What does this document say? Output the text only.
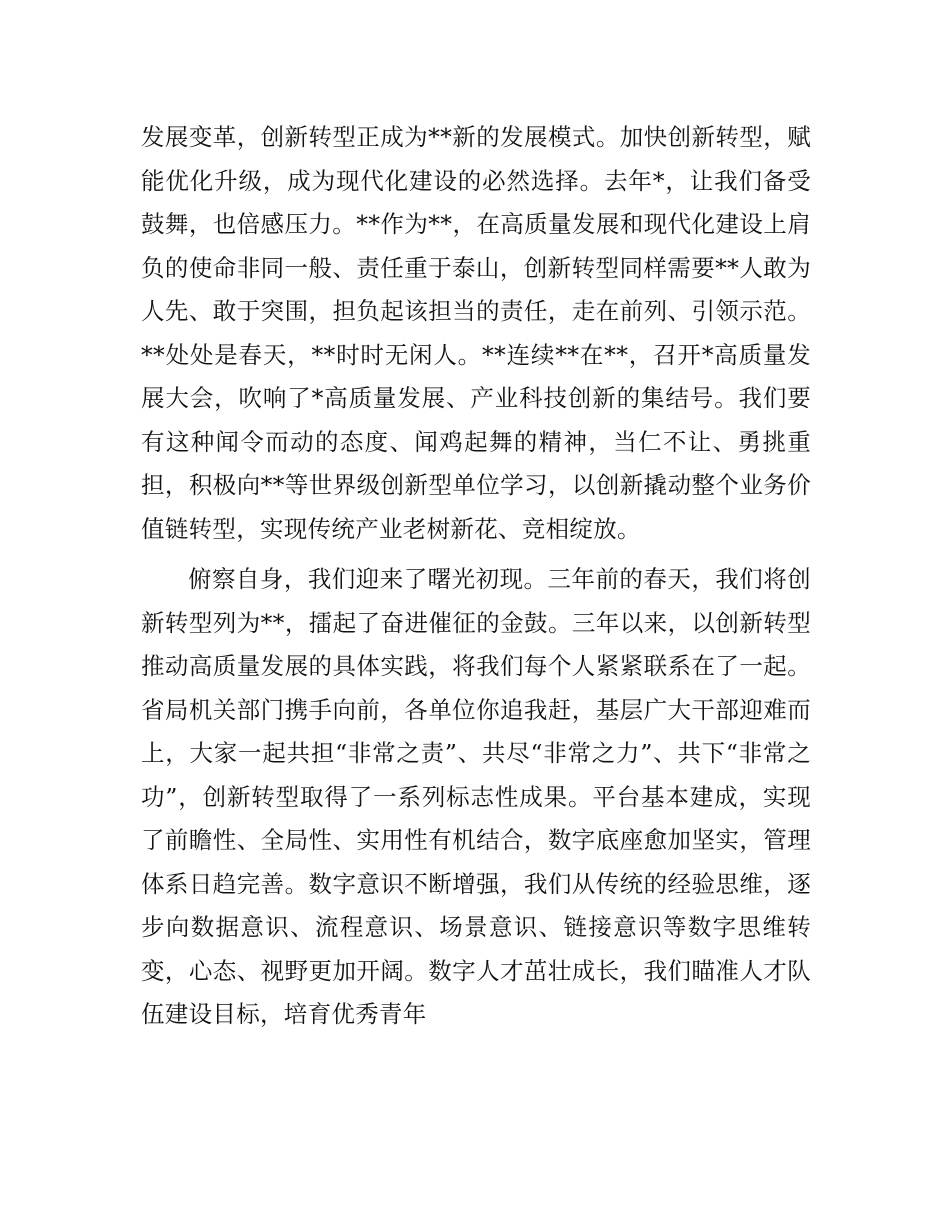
发展变革，创新转型正成为**新的发展模式。加快创新转型，赋能优化升级，成为现代化建设的必然选择。去年*，让我们备受鼓舞，也倍感压力。**作为**，在高质量发展和现代化建设上肩负的使命非同一般、责任重于泰山，创新转型同样需要**人敢为人先、敢于突围，担负起该担当的责任，走在前列、引领示范。**处处是春天，**时时无闲人。**连续**在**，召开*高质量发展大会，吹响了*高质量发展、产业科技创新的集结号。我们要有这种闻令而动的态度、闻鸡起舞的精神，当仁不让、勇挑重担，积极向**等世界级创新型单位学习，以创新撬动整个业务价值链转型，实现传统产业老树新花、竞相绽放。

俯察自身，我们迎来了曙光初现。三年前的春天，我们将创新转型列为**，擂起了奋进催征的金鼓。三年以来，以创新转型推动高质量发展的具体实践，将我们每个人紧紧联系在了一起。省局机关部门携手向前，各单位你追我赶，基层广大干部迎难而上，大家一起共担“非常之责”、共尽“非常之力”、共下“非常之功”，创新转型取得了一系列标志性成果。平台基本建成，实现了前瞻性、全局性、实用性有机结合，数字底座愈加坚实，管理体系日趋完善。数字意识不断增强，我们从传统的经验思维，逐步向数据意识、流程意识、场景意识、链接意识等数字思维转变，心态、视野更加开阔。数字人才茁壮成长，我们瞄准人才队伍建设目标，培育优秀青年
